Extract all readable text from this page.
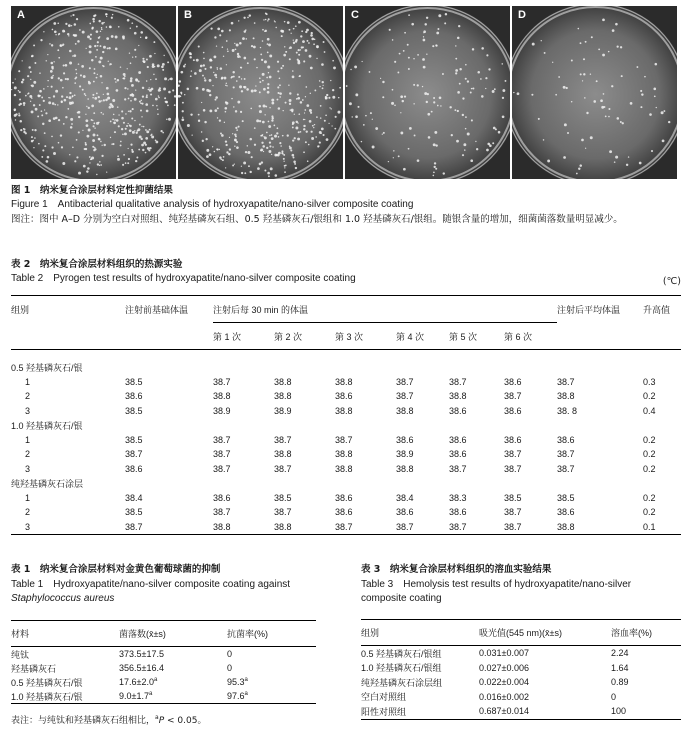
A	B	C	D
图 1　纳米复合涂层材料定性抑菌结果
Figure 1　Antibacterial qualitative analysis of hydroxyapatite/nano-silver composite coating
图注：图中 A–D 分别为空白对照组、纯羟基磷灰石组、0.5 羟基磷灰石/银组和 1.0 羟基磷灰石/银组。随银含量的增加，细菌菌落数量明显减少。
表 2　纳米复合涂层材料组织的热源实验
Table 2　Pyrogen test results of hydroxyapatite/nano-silver composite coating	(℃)
组别	注射前基础体温	注射后每 30 min 的体温						注射后平均体温	升高值
		第 1 次	第 2 次	第 3 次	第 4 次	第 5 次	第 6 次		

0.5 羟基磷灰石/银									
1	38.5	38.7	38.8	38.8	38.7	38.7	38.6	38.7	0.3
2	38.6	38.8	38.8	38.6	38.7	38.8	38.7	38.8	0.2
3	38.5	38.9	38.9	38.8	38.8	38.6	38.6	38. 8	0.4
1.0 羟基磷灰石/银									
1	38.5	38.7	38.7	38.7	38.6	38.6	38.6	38.6	0.2
2	38.7	38.7	38.8	38.8	38.9	38.6	38.7	38.7	0.2
3	38.6	38.7	38.7	38.8	38.8	38.7	38.7	38.7	0.2
纯羟基磷灰石涂层									
1	38.4	38.6	38.5	38.6	38.4	38.3	38.5	38.5	0.2
2	38.5	38.7	38.7	38.6	38.6	38.6	38.7	38.6	0.2
3	38.7	38.8	38.8	38.7	38.7	38.7	38.7	38.8	0.1
表 1　纳米复合涂层材料对金黄色葡萄球菌的抑制
Table 1　Hydroxyapatite/nano-silver composite coating against
Staphylococcus aureus
材料	菌落数(x̄±s)	抗菌率(%)
纯钛	373.5±17.5	0
羟基磷灰石	356.5±16.4	0
0.5 羟基磷灰石/银	17.6±2.0$^a$	95.3$^a$
1.0 羟基磷灰石/银	9.0±1.7$^a$	97.6$^a$
表注：与纯钛和羟基磷灰石组相比，$^a$P < 0.05。
表 3　纳米复合涂层材料组织的溶血实验结果
Table 3　Hemolysis test results of hydroxyapatite/nano-silver
composite coating
组别	吸光值(545 nm)(x̄±s)	溶血率(%)
0.5 羟基磷灰石/银组	0.031±0.007	2.24
1.0 羟基磷灰石/银组	0.027±0.006	1.64
纯羟基磷灰石涂层组	0.022±0.004	0.89
空白对照组	0.016±0.002	0
阳性对照组	0.687±0.014	100
